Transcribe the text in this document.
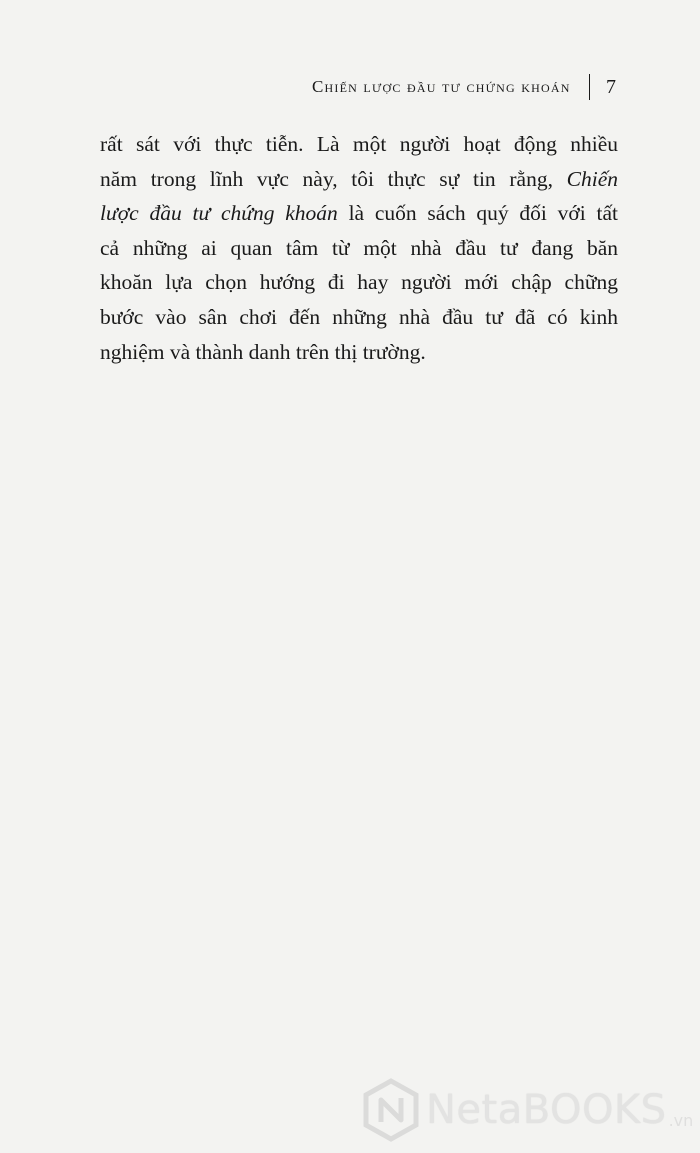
Chiến lược đầu tư chứng khoán 7
rất sát với thực tiễn. Là một người hoạt động nhiều
năm trong lĩnh vực này, tôi thực sự tin rằng, Chiến
lược đầu tư chứng khoán là cuốn sách quý đối với tất
cả những ai quan tâm từ một nhà đầu tư đang băn
khoăn lựa chọn hướng đi hay người mới chập chững
bước vào sân chơi đến những nhà đầu tư đã có kinh
nghiệm và thành danh trên thị trường.
NetaBOOKS .vn
